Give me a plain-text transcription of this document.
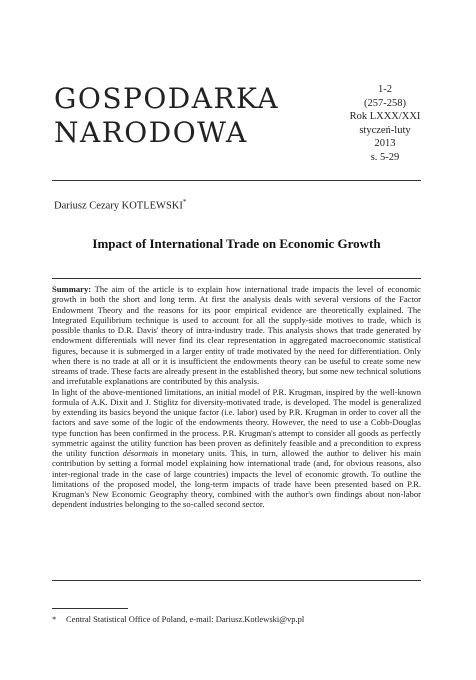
GOSPODARKA
NARODOWA
1-2
(257-258)
Rok LXXX/XXI
styczeń-luty
2013
s. 5-29
Dariusz Cezary KOTLEWSKI*
Impact of International Trade on Economic Growth

Summary: The aim of the article is to explain how international trade impacts the level of economic growth in both the short and long term. At first the analysis deals with several versions of the Factor Endowment Theory and the reasons for its poor empirical evidence are theoretically explained. The Integrated Equilibrium technique is used to account for all the supply-side motives to trade, which is possible thanks to D.R. Davis' theory of intra-industry trade. This analysis shows that trade generated by endowment differentials will never find its clear representation in aggregated macroeconomic statistical figures, because it is submerged in a larger entity of trade motivated by the need for differentiation. Only when there is no trade at all or it is insufficient the endowments theory can be useful to create some new streams of trade. These facts are already present in the established theory, but some new technical solutions and irrefutable explanations are contributed by this analysis.

In light of the above-mentioned limitations, an initial model of P.R. Krugman, inspired by the well-known formula of A.K. Dixit and J. Stiglitz for diversity-motivated trade, is developed. The model is generalized by extending its basics beyond the unique factor (i.e. labor) used by P.R. Krugman in order to cover all the factors and save some of the logic of the endowments theory. However, the need to use a Cobb-Douglas type function has been confirmed in the process. P.R. Krugman's attempt to consider all goods as perfectly symmetric against the utility function has been proven as definitely feasible and a precondition to express the utility function désormais in monetary units. This, in turn, allowed the author to deliver his main contribution by setting a formal model explaining how international trade (and, for obvious reasons, also inter-regional trade in the case of large countries) impacts the level of economic growth. To outline the limitations of the proposed model, the long-term impacts of trade have been presented based on P.R. Krugman's New Economic Geography theory, combined with the author's own findings about non-labor dependent industries belonging to the so-called second sector.

* Central Statistical Office of Poland, e-mail: Dariusz.Kotlewski@vp.pl
